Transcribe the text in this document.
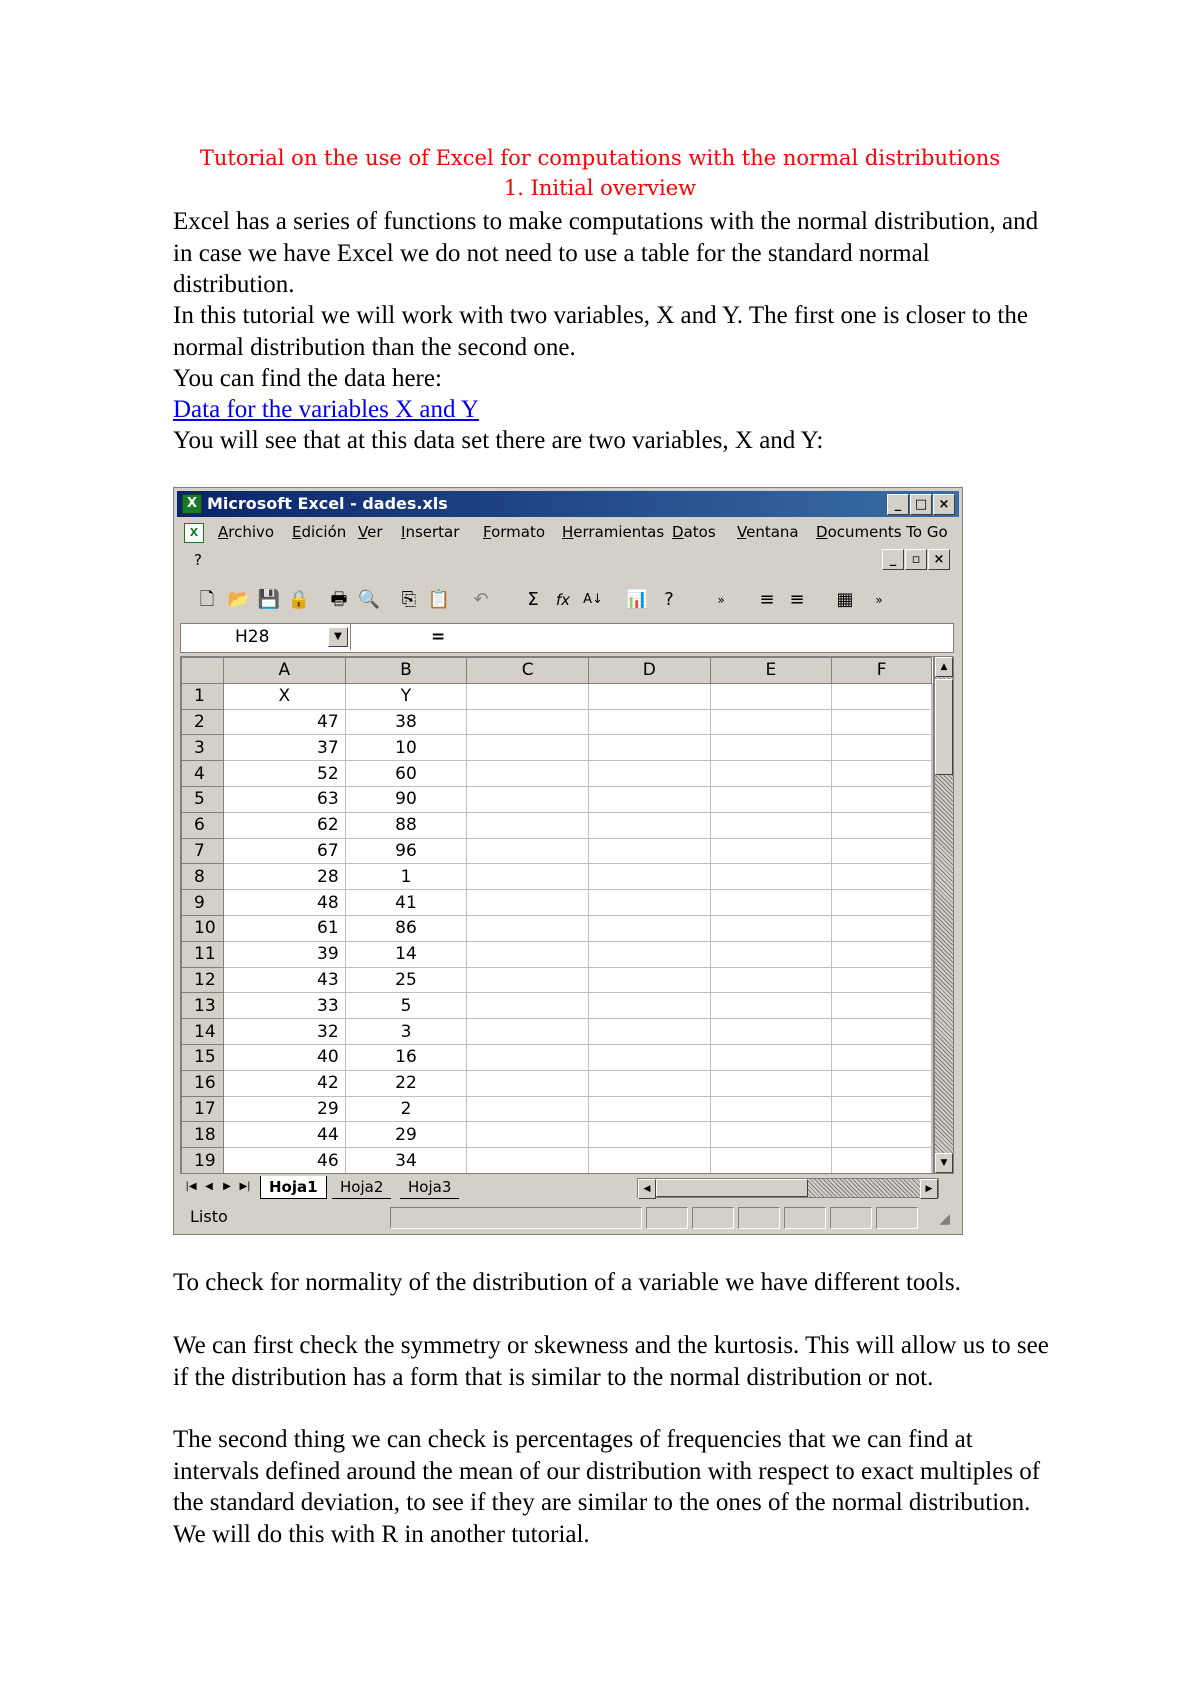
Tutorial on the use of Excel for computations with the normal distributions
1. Initial overview
Excel has a series of functions to make computations with the normal distribution, and in case we have Excel we do not need to use a table for the standard normal distribution.
In this tutorial we will work with two variables, X and Y. The first one is closer to the normal distribution than the second one.
You can find the data here:
Data for the variables X and Y
You will see that at this data set there are two variables, X and Y:
X Microsoft Excel - dades.xls	_	□ ×
X	Archivo Edición Ver Insertar Formato Herramientas Datos Ventana Documents To Go
?	_	▫	×
🗋 📂 💾 🔒 🖶 🔍	⎘ 📋	↶	Σ	fx	A↓ 📊 ?	»	≡ ≡	▦	»
H28	▼	=
	A	B	C	D	E	F	
1	X	Y					
2	47	38					
3	37	10					
4	52	60					
5	63	90					
6	62	88					
7	67	96					
8	28	1					
9	48	41					
10	61	86					
11	39	14					
12	43	25					
13	33	5					
14	32	3					
15	40	16					
16	42	22					
17	29	2					
18	44	29					
19	46	34					
▲
▼
|◀ ◀	▶ ▶|	Hoja1	Hoja2	Hoja3	◀	▶
Listo	◢
To check for normality of the distribution of a variable we have different tools.
We can first check the symmetry or skewness and the kurtosis. This will allow us to see if the distribution has a form that is similar to the normal distribution or not.
The second thing we can check is percentages of frequencies that we can find at intervals defined around the mean of our distribution with respect to exact multiples of the standard deviation, to see if they are similar to the ones of the normal distribution. We will do this with R in another tutorial.
